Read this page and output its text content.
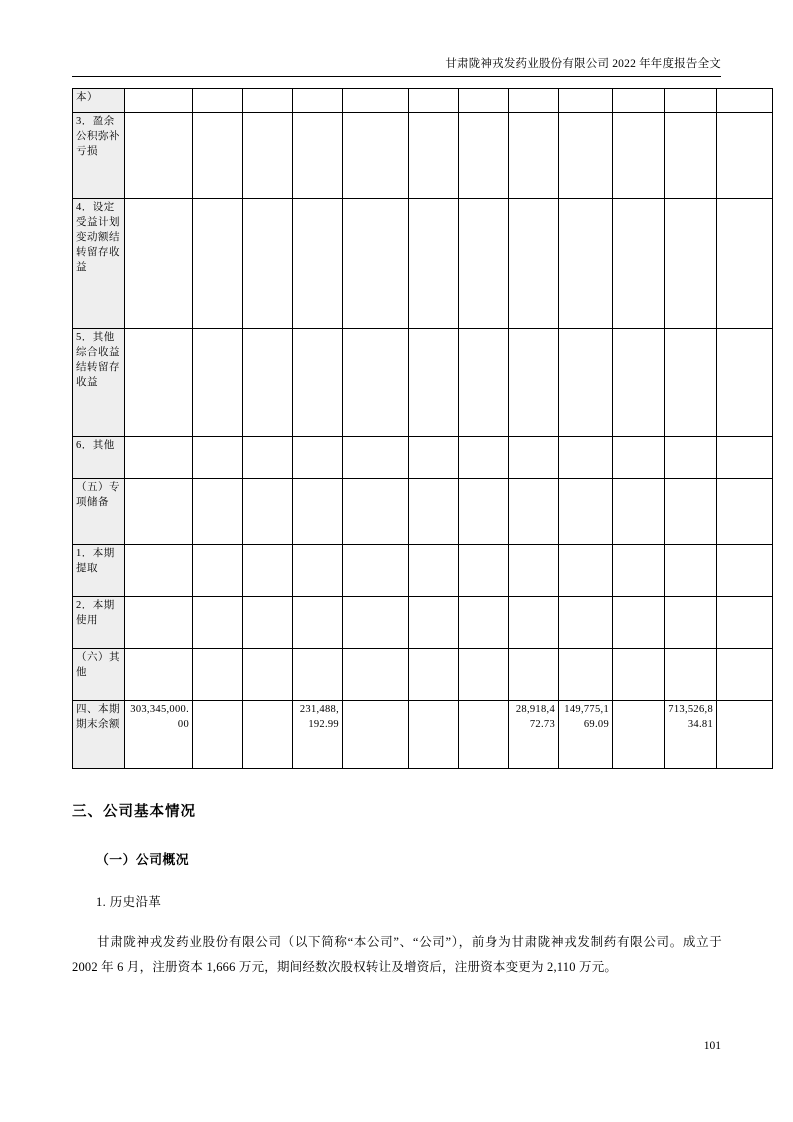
甘肃陇神戎发药业股份有限公司 2022 年年度报告全文
本）												
3．盈余公积弥补亏损												
4．设定受益计划变动额结转留存收益												
5．其他综合收益结转留存收益												
6．其他												
（五）专项储备												
1．本期提取												
2．本期使用												
（六）其他												
四、本期期末余额	303,345,000.00			231,488,192.99				28,918,472.73	149,775,169.09		713,526,834.81	
三、公司基本情况
（一）公司概况

1. 历史沿革

甘肃陇神戎发药业股份有限公司（以下简称“本公司”、“公司”），前身为甘肃陇神戎发制药有限公司。成立于 2002 年 6 月，注册资本 1,666 万元，期间经数次股权转让及增资后，注册资本变更为 2,110 万元。

101
